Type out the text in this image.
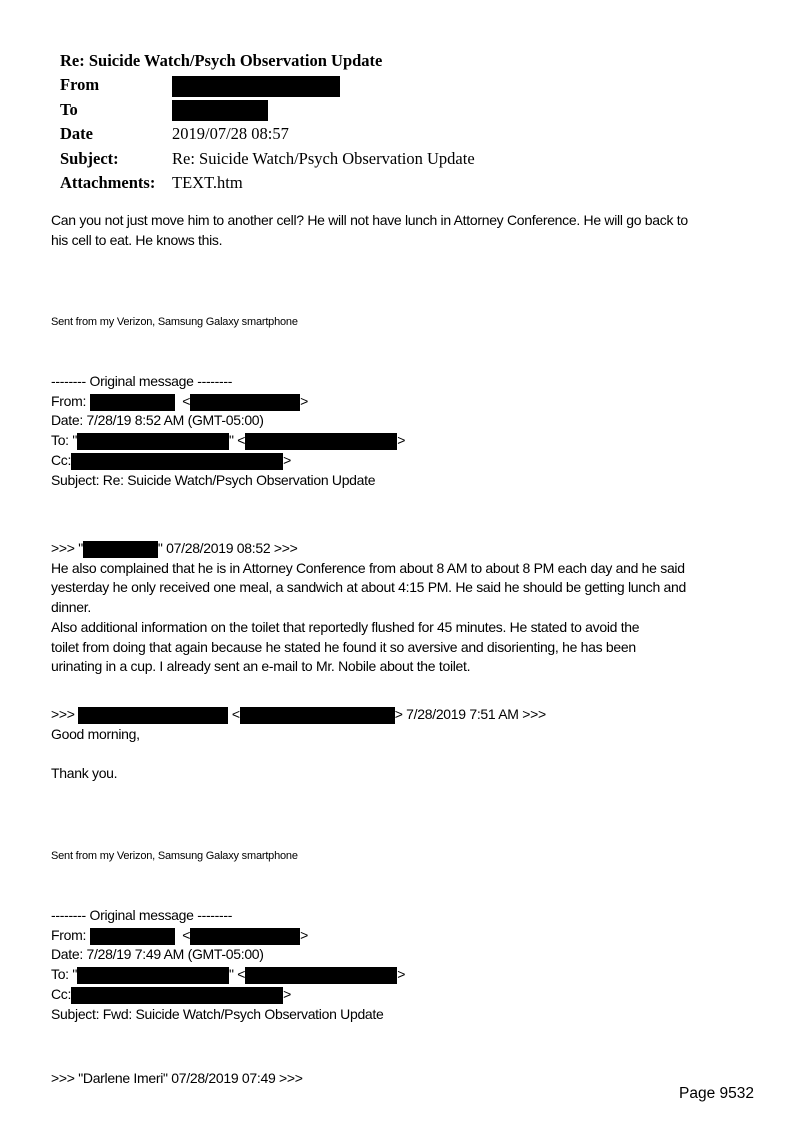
Re: Suicide Watch/Psych Observation Update
From
To
Date	2019/07/28 08:57
Subject:	Re: Suicide Watch/Psych Observation Update
Attachments: TEXT.htm
Can you not just move him to another cell? He will not have lunch in Attorney Conference. He will go back to
his cell to eat. He knows this.
Sent from my Verizon, Samsung Galaxy smartphone
-------- Original message --------
From:	<	>
Date: 7/28/19 8:52 AM (GMT-05:00)
To: "	" <	>
Cc:	>
Subject: Re: Suicide Watch/Psych Observation Update
>>> "	" 07/28/2019 08:52 >>>
He also complained that he is in Attorney Conference from about 8 AM to about 8 PM each day and he said
yesterday he only received one meal, a sandwich at about 4:15 PM. He said he should be getting lunch and
dinner.
Also additional information on the toilet that reportedly flushed for 45 minutes. He stated to avoid the
toilet from doing that again because he stated he found it so aversive and disorienting, he has been
urinating in a cup. I already sent an e-mail to Mr. Nobile about the toilet.
>>>	<	> 7/28/2019 7:51 AM >>>
Good morning,
Thank you.
Sent from my Verizon, Samsung Galaxy smartphone
-------- Original message --------
From:	<	>
Date: 7/28/19 7:49 AM (GMT-05:00)
To: "	" <	>
Cc:	>
Subject: Fwd: Suicide Watch/Psych Observation Update
>>> "Darlene Imeri" 07/28/2019 07:49 >>>
Page 9532
